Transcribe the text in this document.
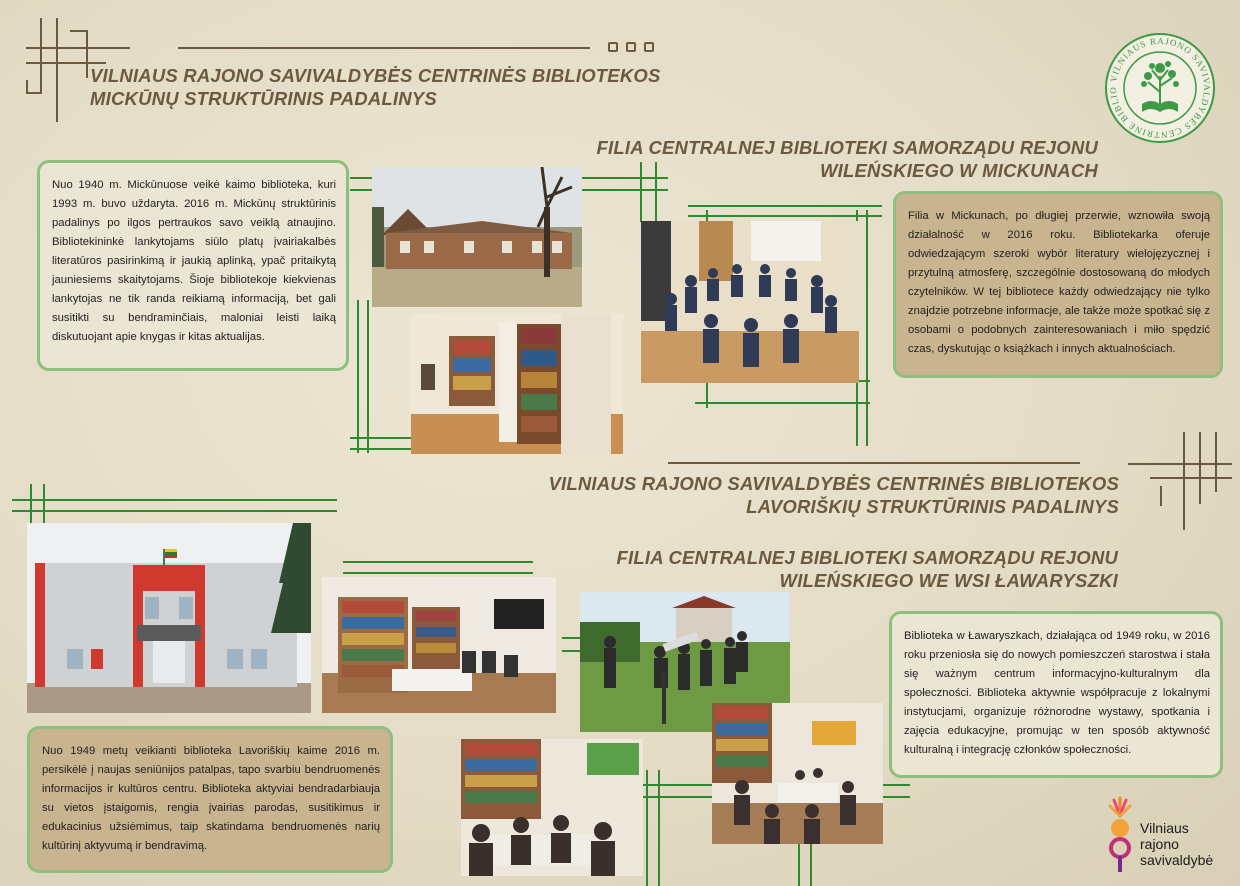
VILNIAUS RAJONO SAVIVALDYBĖS CENTRINĖS BIBLIOTEKOS
MICKŪNŲ STRUKTŪRINIS PADALINYS
FILIA CENTRALNEJ BIBLIOTEKI SAMORZĄDU REJONU
WILEŃSKIEGO W MICKUNACH
VILNIAUS RAJONO SAVIVALDYBĖS CENTRINĖ BIBLIO
Nuo 1940 m. Mickūnuose veikė kaimo biblioteka, kuri 1993 m. buvo uždaryta. 2016 m. Mickūnų struktūrinis padalinys po ilgos pertraukos savo veiklą atnaujino. Bibliotekininkė lankytojams siūlo platų įvairiakalbės literatūros pasirinkimą ir jaukią aplinką, ypač pritaikytą jauniesiems skaitytojams. Šioje bibliotekoje kiekvienas lankytojas ne tik randa reikiamą informaciją, bet gali susitikti su bendraminčiais, maloniai leisti laiką diskutuojant apie knygas ir kitas aktualijas.
Filia w Mickunach, po długiej przerwie, wznowiła swoją działalność w 2016 roku. Bibliotekarka oferuje odwiedzającym szeroki wybór literatury wielojęzycznej i przytulną atmosferę, szczególnie dostosowaną do młodych czytelników. W tej bibliotece każdy odwiedzający nie tylko znajdzie potrzebne informacje, ale także może spotkać się z osobami o podobnych zainteresowaniach i miło spędzić czas, dyskutując o książkach i innych aktualnościach.
VILNIAUS RAJONO SAVIVALDYBĖS CENTRINĖS BIBLIOTEKOS
LAVORIŠKIŲ STRUKTŪRINIS PADALINYS
FILIA CENTRALNEJ BIBLIOTEKI SAMORZĄDU REJONU
WILEŃSKIEGO WE WSI ŁAWARYSZKI
Biblioteka w Ławaryszkach, działająca od 1949 roku, w 2016 roku przeniosła się do nowych pomieszczeń starostwa i stała się ważnym centrum informacyjno-kulturalnym dla społeczności. Biblioteka aktywnie współpracuje z lokalnymi instytucjami, organizuje różnorodne wystawy, spotkania i zajęcia edukacyjne, promując w ten sposób aktywność kulturalną i integrację członków społeczności.
Nuo 1949 metų veikianti biblioteka Lavoriškių kaime 2016 m. persikėlė į naujas seniūnijos patalpas, tapo svarbiu bendruomenės informacijos ir kultūros centru. Biblioteka aktyviai bendradarbiauja su vietos įstaigomis, rengia įvairias parodas, susitikimus ir edukacinius užsiėmimus, taip skatindama bendruomenės narių kultūrinį aktyvumą ir bendravimą.
Vilniaus
rajono
savivaldybė
